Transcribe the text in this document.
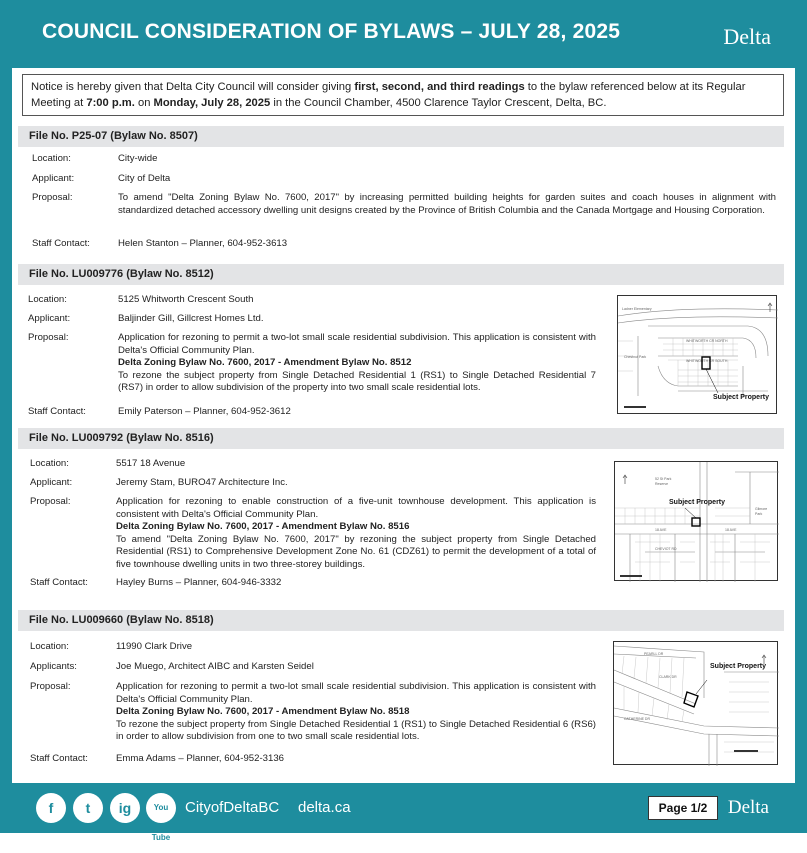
COUNCIL CONSIDERATION OF BYLAWS – JULY 28, 2025	Delta
Notice is hereby given that Delta City Council will consider giving first, second, and third readings to the bylaw referenced below at its Regular Meeting at 7:00 p.m. on Monday, July 28, 2025 in the Council Chamber, 4500 Clarence Taylor Crescent, Delta, BC.
File No. P25-07 (Bylaw No. 8507)
Location:	City-wide
Applicant:	City of Delta
Proposal:	To amend "Delta Zoning Bylaw No. 7600, 2017" by increasing permitted building heights for garden suites and coach houses in alignment with standardized detached accessory dwelling unit designs created by the Province of British Columbia and the Canada Mortgage and Housing Corporation.
Staff Contact:	Helen Stanton – Planner, 604-952-3613
File No. LU009776 (Bylaw No. 8512)
Location:	5125 Whitworth Crescent South
Applicant:	Baljinder Gill, Gillcrest Homes Ltd.
Proposal:	Application for rezoning to permit a two-lot small scale residential subdivision. This application is consistent with Delta's Official Community Plan.
Delta Zoning Bylaw No. 7600, 2017 - Amendment Bylaw No. 8512
To rezone the subject property from Single Detached Residential 1 (RS1) to Single Detached Residential 7 (RS7) in order to allow subdivision of the property into two small scale residential lots.
Staff Contact:	Emily Paterson – Planner, 604-952-3612
WHITWORTH CR NORTH
WHITWORTH CR SOUTH
Ladner Elementary
Chestnut Park
Subject Property
File No. LU009792 (Bylaw No. 8516)
Location:	5517 18 Avenue
Applicant:	Jeremy Stam, BURO47 Architecture Inc.
Proposal:	Application for rezoning to enable construction of a five-unit townhouse development. This application is consistent with Delta's Official Community Plan.
Delta Zoning Bylaw No. 7600, 2017 - Amendment Bylaw No. 8516
To amend "Delta Zoning Bylaw No. 7600, 2017" by rezoning the subject property from Single Detached Residential (RS1) to Comprehensive Development Zone No. 61 (CDZ61) to permit the development of a total of five townhouse dwelling units in two three-storey buildings.
Staff Contact:	Hayley Burns – Planner, 604-946-3332
52 St Park
Reserve
Gilmore
Park
18 AVE	18 AVE
CHEVIOT RD
Subject Property
File No. LU009660 (Bylaw No. 8518)
Location:	11990 Clark Drive
Applicants:	Joe Muego, Architect AIBC and Karsten Seidel
Proposal:	Application for rezoning to permit a two-lot small scale residential subdivision. This application is consistent with Delta's Official Community Plan.
Delta Zoning Bylaw No. 7600, 2017 - Amendment Bylaw No. 8518
To rezone the subject property from Single Detached Residential 1 (RS1) to Single Detached Residential 6 (RS6) in order to allow subdivision from one to two small scale residential lots.
Staff Contact:	Emma Adams – Planner, 604-952-3136
PEARLL DR
CLARK DR
CATHERINE DR
Subject Property
f	t	ig	You Tube
CityofDeltaBC delta.ca	Page 1/2	Delta
